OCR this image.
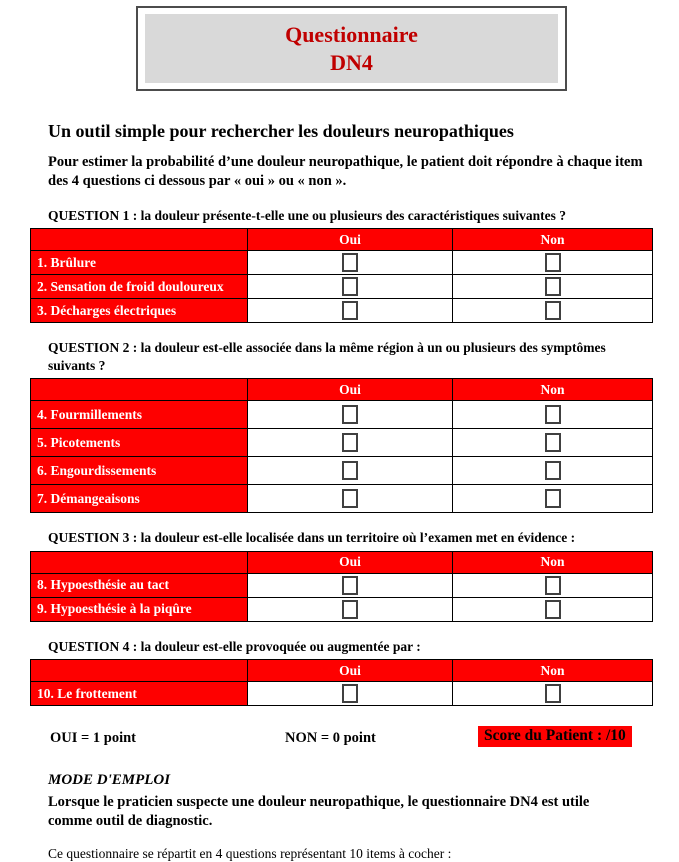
Questionnaire
DN4
Un outil simple pour rechercher les douleurs neuropathiques
Pour estimer la probabilité d’une douleur neuropathique, le patient doit répondre à chaque item des 4 questions ci dessous par « oui » ou « non ».
QUESTION 1 : la douleur présente-t-elle une ou plusieurs des caractéristiques suivantes ?
	Oui	Non
1. Brûlure		
2. Sensation de froid douloureux		
3. Décharges électriques		
QUESTION 2 : la douleur est-elle associée dans la même région à un ou plusieurs des symptômes suivants ?
	Oui	Non
4. Fourmillements		
5. Picotements		
6. Engourdissements		
7. Démangeaisons		
QUESTION 3 : la douleur est-elle localisée dans un territoire où l’examen met en évidence :
	Oui	Non
8. Hypoesthésie au tact		
9. Hypoesthésie à la piqûre		
QUESTION 4 : la douleur est-elle provoquée ou augmentée par :
	Oui	Non
10. Le frottement		
OUI = 1 point	NON = 0 point	Score du Patient : /10
MODE D'EMPLOI
Lorsque le praticien suspecte une douleur neuropathique, le questionnaire DN4 est utile comme outil de diagnostic.
Ce questionnaire se répartit en 4 questions représentant 10 items à cocher :
